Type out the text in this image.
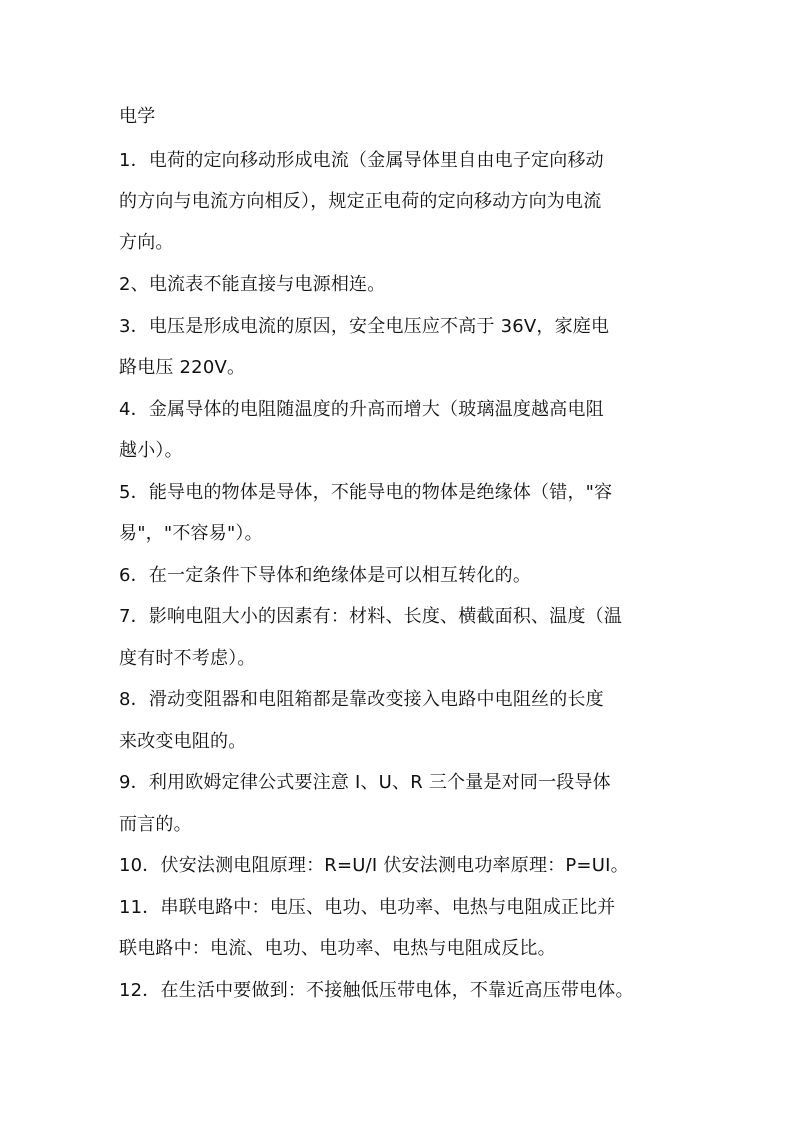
电学
1．电荷的定向移动形成电流（金属导体里自由电子定向移动
的方向与电流方向相反），规定正电荷的定向移动方向为电流
方向。
2、电流表不能直接与电源相连。
3．电压是形成电流的原因，安全电压应不高于 36V，家庭电
路电压 220V。
4．金属导体的电阻随温度的升高而增大（玻璃温度越高电阻
越小）。
5．能导电的物体是导体，不能导电的物体是绝缘体（错，"容
易"，"不容易"）。
6．在一定条件下导体和绝缘体是可以相互转化的。
7．影响电阻大小的因素有：材料、长度、横截面积、温度（温
度有时不考虑）。
8．滑动变阻器和电阻箱都是靠改变接入电路中电阻丝的长度
来改变电阻的。
9．利用欧姆定律公式要注意 I、U、R 三个量是对同一段导体
而言的。
10．伏安法测电阻原理：R=U/I 伏安法测电功率原理：P=UI。
11．串联电路中：电压、电功、电功率、电热与电阻成正比并
联电路中：电流、电功、电功率、电热与电阻成反比。
12．在生活中要做到：不接触低压带电体，不靠近高压带电体。
